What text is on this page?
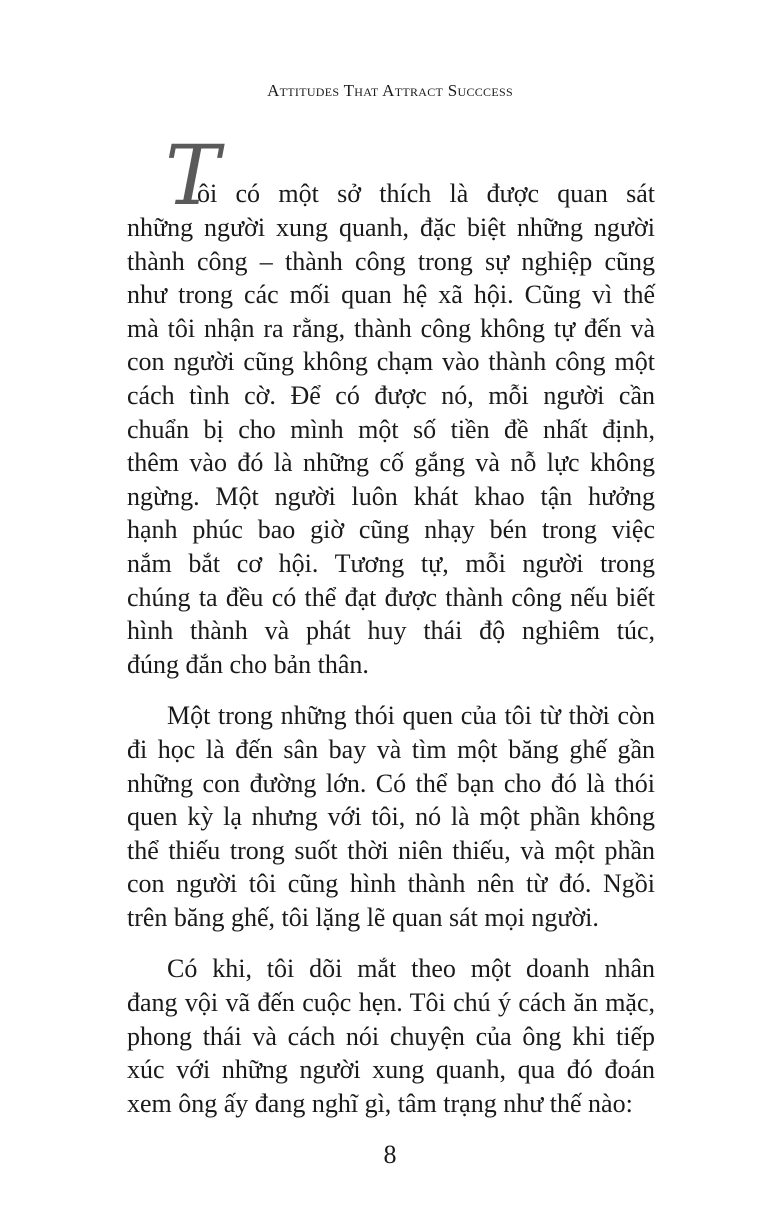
Attitudes That Attract Succcess
T
ôi có một sở thích là được quan sát
những người xung quanh, đặc biệt những người
thành công – thành công trong sự nghiệp cũng
như trong các mối quan hệ xã hội. Cũng vì thế
mà tôi nhận ra rằng, thành công không tự đến và
con người cũng không chạm vào thành công một
cách tình cờ. Để có được nó, mỗi người cần
chuẩn bị cho mình một số tiền đề nhất định,
thêm vào đó là những cố gắng và nỗ lực không
ngừng. Một người luôn khát khao tận hưởng
hạnh phúc bao giờ cũng nhạy bén trong việc
nắm bắt cơ hội. Tương tự, mỗi người trong
chúng ta đều có thể đạt được thành công nếu biết
hình thành và phát huy thái độ nghiêm túc,
đúng đắn cho bản thân.
Một trong những thói quen của tôi từ thời còn
đi học là đến sân bay và tìm một băng ghế gần
những con đường lớn. Có thể bạn cho đó là thói
quen kỳ lạ nhưng với tôi, nó là một phần không
thể thiếu trong suốt thời niên thiếu, và một phần
con người tôi cũng hình thành nên từ đó. Ngồi
trên băng ghế, tôi lặng lẽ quan sát mọi người.
Có khi, tôi dõi mắt theo một doanh nhân
đang vội vã đến cuộc hẹn. Tôi chú ý cách ăn mặc,
phong thái và cách nói chuyện của ông khi tiếp
xúc với những người xung quanh, qua đó đoán
xem ông ấy đang nghĩ gì, tâm trạng như thế nào:
8
